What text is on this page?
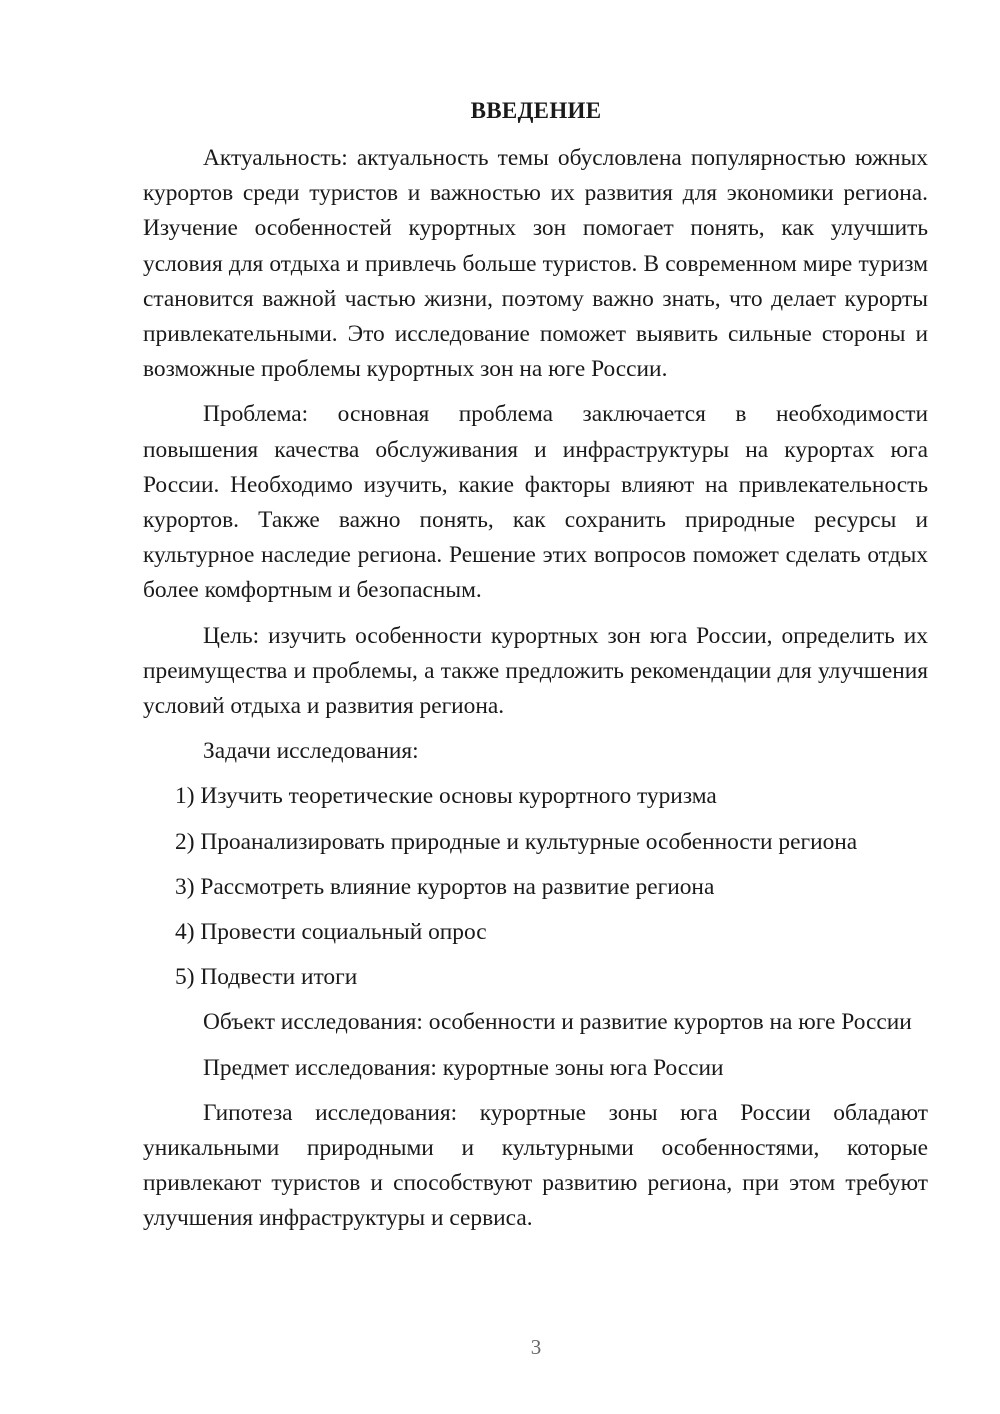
ВВЕДЕНИЕ

Актуальность: актуальность темы обусловлена популярностью южных курортов среди туристов и важностью их развития для экономики региона. Изучение особенностей курортных зон помогает понять, как улучшить условия для отдыха и привлечь больше туристов. В современном мире туризм становится важной частью жизни, поэтому важно знать, что делает курорты привлекательными. Это исследование поможет выявить сильные стороны и возможные проблемы курортных зон на юге России.

Проблема: основная проблема заключается в необходимости повышения качества обслуживания и инфраструктуры на курортах юга России. Необходимо изучить, какие факторы влияют на привлекательность курортов. Также важно понять, как сохранить природные ресурсы и культурное наследие региона. Решение этих вопросов поможет сделать отдых более комфортным и безопасным.

Цель: изучить особенности курортных зон юга России, определить их преимущества и проблемы, а также предложить рекомендации для улучшения условий отдыха и развития региона.

Задачи исследования:

1) Изучить теоретические основы курортного туризма
2) Проанализировать природные и культурные особенности региона
3) Рассмотреть влияние курортов на развитие региона
4) Провести социальный опрос
5) Подвести итоги

Объект исследования: особенности и развитие курортов на юге России

Предмет исследования: курортные зоны юга России

Гипотеза исследования: курортные зоны юга России обладают уникальными природными и культурными особенностями, которые привлекают туристов и способствуют развитию региона, при этом требуют улучшения инфраструктуры и сервиса.

3
